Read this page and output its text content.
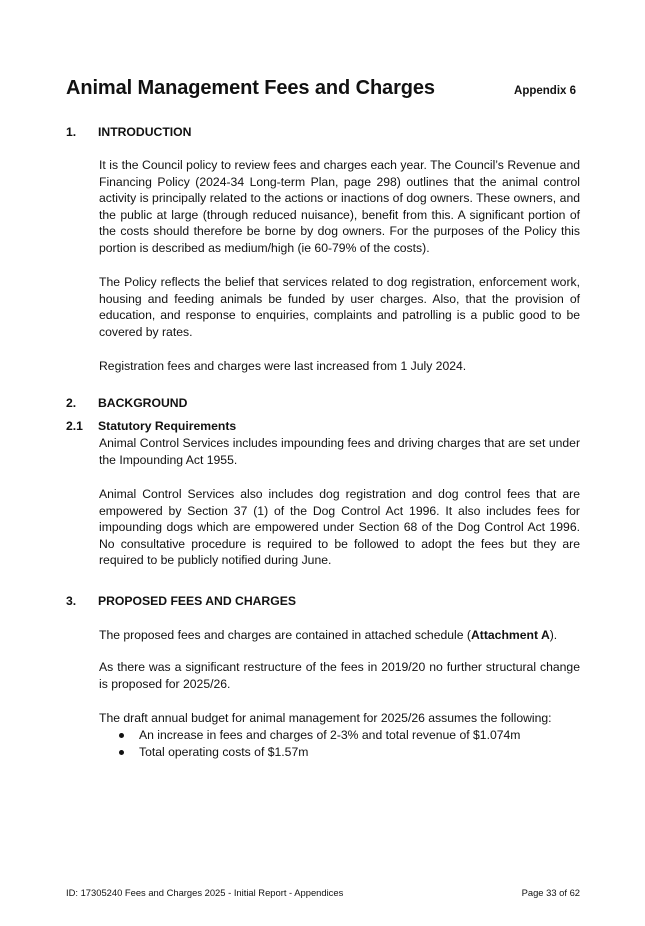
Animal Management Fees and Charges	Appendix 6
1. INTRODUCTION

It is the Council policy to review fees and charges each year. The Council’s Revenue and Financing Policy (2024-34 Long-term Plan, page 298) outlines that the animal control activity is principally related to the actions or inactions of dog owners. These owners, and the public at large (through reduced nuisance), benefit from this. A significant portion of the costs should therefore be borne by dog owners. For the purposes of the Policy this portion is described as medium/high (ie 60-79% of the costs).

The Policy reflects the belief that services related to dog registration, enforcement work, housing and feeding animals be funded by user charges. Also, that the provision of education, and response to enquiries, complaints and patrolling is a public good to be covered by rates.

Registration fees and charges were last increased from 1 July 2024.

2. BACKGROUND
2.1 Statutory Requirements

Animal Control Services includes impounding fees and driving charges that are set under the Impounding Act 1955.

Animal Control Services also includes dog registration and dog control fees that are empowered by Section 37 (1) of the Dog Control Act 1996. It also includes fees for impounding dogs which are empowered under Section 68 of the Dog Control Act 1996. No consultative procedure is required to be followed to adopt the fees but they are required to be publicly notified during June.

3. PROPOSED FEES AND CHARGES

The proposed fees and charges are contained in attached schedule (Attachment A).

As there was a significant restructure of the fees in 2019/20 no further structural change is proposed for 2025/26.

The draft annual budget for animal management for 2025/26 assumes the following:

An increase in fees and charges of 2-3% and total revenue of $1.074m
Total operating costs of $1.57m
ID: 17305240 Fees and Charges 2025 - Initial Report - Appendices	Page 33 of 62
